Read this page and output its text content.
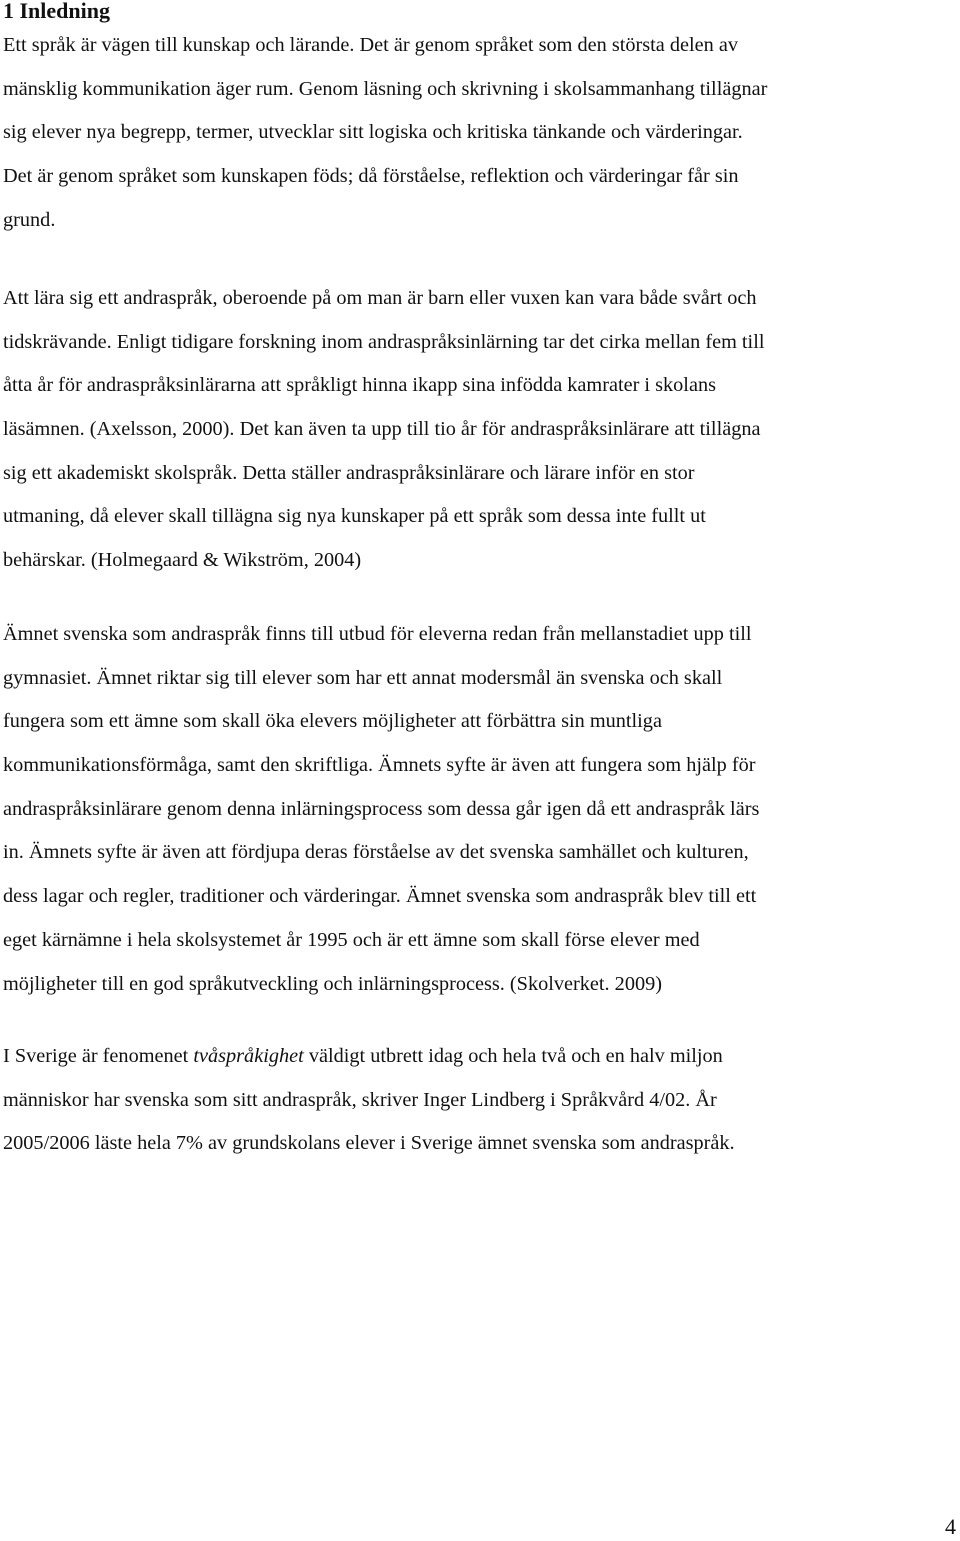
1 Inledning

Ett språk är vägen till kunskap och lärande. Det är genom språket som den största delen av
mänsklig kommunikation äger rum. Genom läsning och skrivning i skolsammanhang tillägnar
sig elever nya begrepp, termer, utvecklar sitt logiska och kritiska tänkande och värderingar.
Det är genom språket som kunskapen föds; då förståelse, reflektion och värderingar får sin
grund.

Att lära sig ett andraspråk, oberoende på om man är barn eller vuxen kan vara både svårt och
tidskrävande. Enligt tidigare forskning inom andraspråksinlärning tar det cirka mellan fem till
åtta år för andraspråksinlärarna att språkligt hinna ikapp sina infödda kamrater i skolans
läsämnen. (Axelsson, 2000). Det kan även ta upp till tio år för andraspråksinlärare att tillägna
sig ett akademiskt skolspråk. Detta ställer andraspråksinlärare och lärare inför en stor
utmaning, då elever skall tillägna sig nya kunskaper på ett språk som dessa inte fullt ut
behärskar. (Holmegaard & Wikström, 2004)

Ämnet svenska som andraspråk finns till utbud för eleverna redan från mellanstadiet upp till
gymnasiet. Ämnet riktar sig till elever som har ett annat modersmål än svenska och skall
fungera som ett ämne som skall öka elevers möjligheter att förbättra sin muntliga
kommunikationsförmåga, samt den skriftliga. Ämnets syfte är även att fungera som hjälp för
andraspråksinlärare genom denna inlärningsprocess som dessa går igen då ett andraspråk lärs
in. Ämnets syfte är även att fördjupa deras förståelse av det svenska samhället och kulturen,
dess lagar och regler, traditioner och värderingar. Ämnet svenska som andraspråk blev till ett
eget kärnämne i hela skolsystemet år 1995 och är ett ämne som skall förse elever med
möjligheter till en god språkutveckling och inlärningsprocess. (Skolverket. 2009)

I Sverige är fenomenet tvåspråkighet väldigt utbrett idag och hela två och en halv miljon
människor har svenska som sitt andraspråk, skriver Inger Lindberg i Språkvård 4/02. År
2005/2006 läste hela 7% av grundskolans elever i Sverige ämnet svenska som andraspråk.

4
